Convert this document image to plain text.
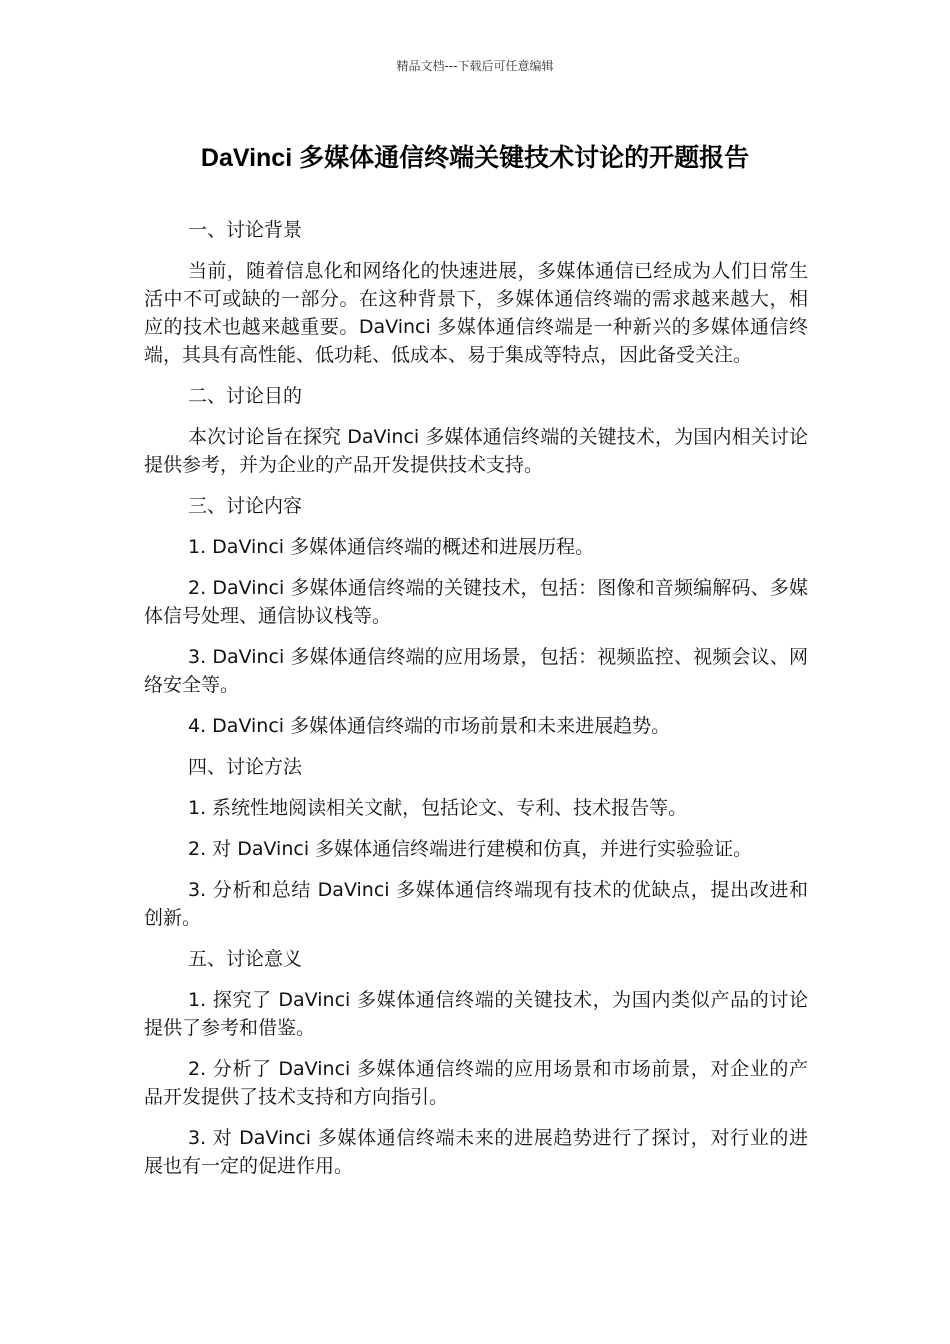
精品文档---下载后可任意编辑
DaVinci 多媒体通信终端关键技术讨论的开题报告

一、讨论背景

当前，随着信息化和网络化的快速进展，多媒体通信已经成为人们日常生活中不可或缺的一部分。在这种背景下，多媒体通信终端的需求越来越大，相应的技术也越来越重要。DaVinci 多媒体通信终端是一种新兴的多媒体通信终端，其具有高性能、低功耗、低成本、易于集成等特点，因此备受关注。

二、讨论目的

本次讨论旨在探究 DaVinci 多媒体通信终端的关键技术，为国内相关讨论提供参考，并为企业的产品开发提供技术支持。

三、讨论内容

1. DaVinci 多媒体通信终端的概述和进展历程。

2. DaVinci 多媒体通信终端的关键技术，包括：图像和音频编解码、多媒体信号处理、通信协议栈等。

3. DaVinci 多媒体通信终端的应用场景，包括：视频监控、视频会议、网络安全等。

4. DaVinci 多媒体通信终端的市场前景和未来进展趋势。

四、讨论方法

1. 系统性地阅读相关文献，包括论文、专利、技术报告等。

2. 对 DaVinci 多媒体通信终端进行建模和仿真，并进行实验验证。

3. 分析和总结 DaVinci 多媒体通信终端现有技术的优缺点，提出改进和创新。

五、讨论意义

1. 探究了 DaVinci 多媒体通信终端的关键技术，为国内类似产品的讨论提供了参考和借鉴。

2. 分析了 DaVinci 多媒体通信终端的应用场景和市场前景，对企业的产品开发提供了技术支持和方向指引。

3. 对 DaVinci 多媒体通信终端未来的进展趋势进行了探讨，对行业的进展也有一定的促进作用。
